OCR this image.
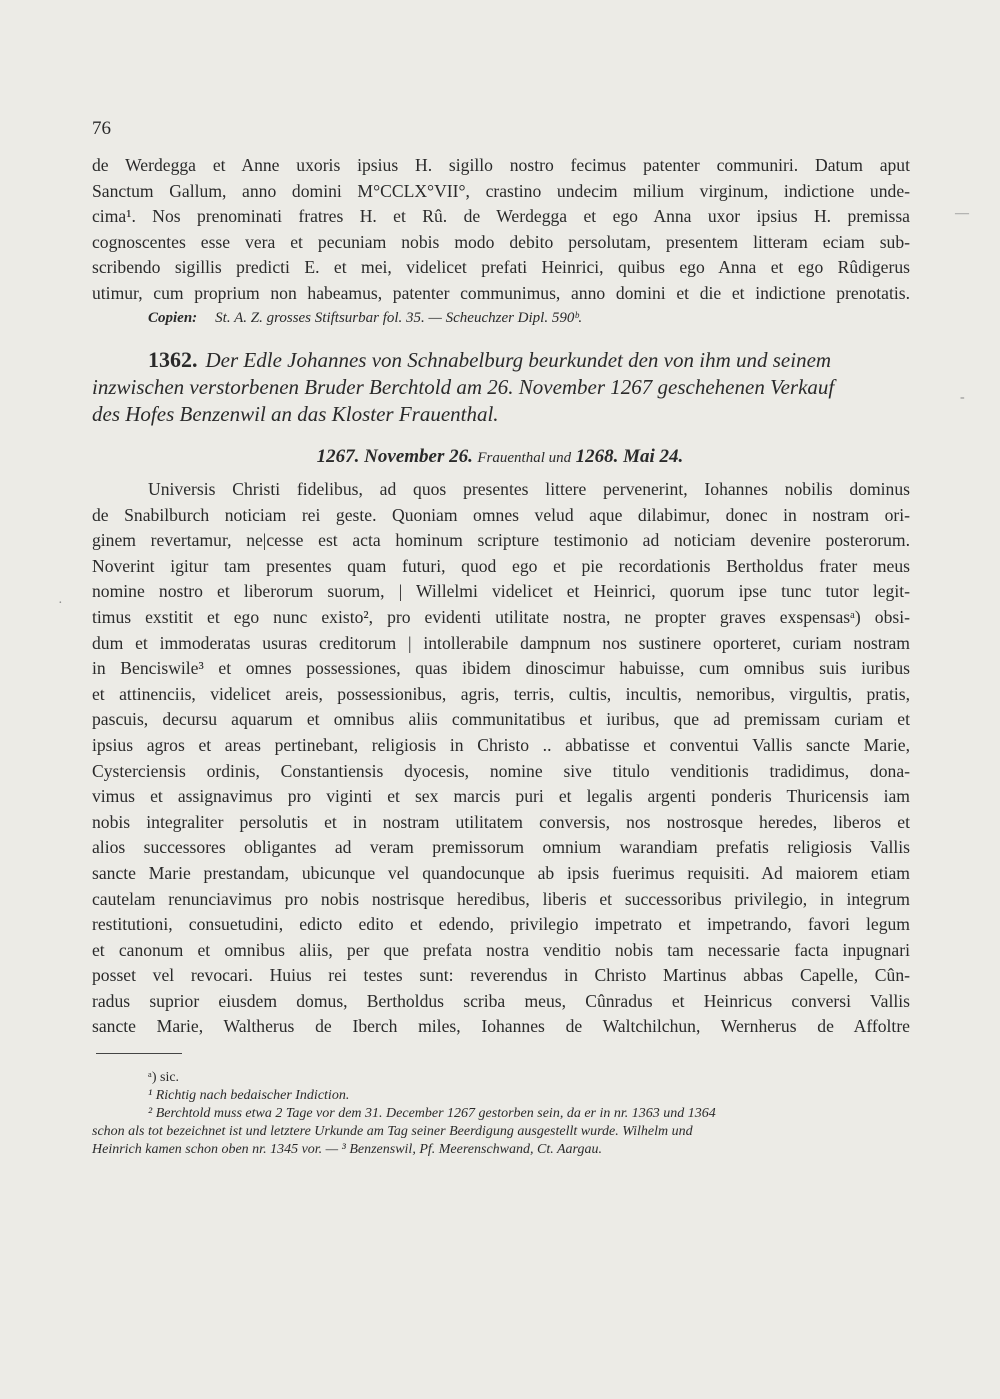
76
de Werdegga et Anne uxoris ipsius H. sigillo nostro fecimus patenter communiri. Datum aput
Sanctum Gallum, anno domini M°CCLX°VII°, crastino undecim milium virginum, indictione unde-
cima¹. Nos prenominati fratres H. et Rû. de Werdegga et ego Anna uxor ipsius H. premissa
cognoscentes esse vera et pecuniam nobis modo debito persolutam, presentem litteram eciam sub-
scribendo sigillis predicti E. et mei, videlicet prefati Heinrici, quibus ego Anna et ego Rûdigerus
utimur, cum proprium non habeamus, patenter communimus, anno domini et die et indictione prenotatis.
Copien: St. A. Z. grosses Stiftsurbar fol. 35. — Scheuchzer Dipl. 590ᵇ.
1362. Der Edle Johannes von Schnabelburg beurkundet den von ihm und seinem
inzwischen verstorbenen Bruder Berchtold am 26. November 1267 geschehenen Verkauf
des Hofes Benzenwil an das Kloster Frauenthal.
1267. November 26. Frauenthal und 1268. Mai 24.
Universis Christi fidelibus, ad quos presentes littere pervenerint, Iohannes nobilis dominus
de Snabilburch noticiam rei geste. Quoniam omnes velud aque dilabimur, donec in nostram ori-
ginem revertamur, ne|cesse est acta hominum scripture testimonio ad noticiam devenire posterorum.
Noverint igitur tam presentes quam futuri, quod ego et pie recordationis Bertholdus frater meus
nomine nostro et liberorum suorum, | Willelmi videlicet et Heinrici, quorum ipse tunc tutor legit-
timus exstitit et ego nunc existo², pro evidenti utilitate nostra, ne propter graves exspensasᵃ) obsi-
dum et immoderatas usuras creditorum | intollerabile dampnum nos sustinere oporteret, curiam nostram
in Benciswile³ et omnes possessiones, quas ibidem dinoscimur habuisse, cum omnibus suis iuribus
et attinenciis, videlicet areis, possessionibus, agris, terris, cultis, incultis, nemoribus, virgultis, pratis,
pascuis, decursu aquarum et omnibus aliis communitatibus et iuribus, que ad premissam curiam et
ipsius agros et areas pertinebant, religiosis in Christo .. abbatisse et conventui Vallis sancte Marie,
Cysterciensis ordinis, Constantiensis dyocesis, nomine sive titulo venditionis tradidimus, dona-
vimus et assignavimus pro viginti et sex marcis puri et legalis argenti ponderis Thuricensis iam
nobis integraliter persolutis et in nostram utilitatem conversis, nos nostrosque heredes, liberos et
alios successores obligantes ad veram premissorum omnium warandiam prefatis religiosis Vallis
sancte Marie prestandam, ubicunque vel quandocunque ab ipsis fuerimus requisiti. Ad maiorem etiam
cautelam renunciavimus pro nobis nostrisque heredibus, liberis et successoribus privilegio, in integrum
restitutioni, consuetudini, edicto edito et edendo, privilegio impetrato et impetrando, favori legum
et canonum et omnibus aliis, per que prefata nostra venditio nobis tam necessarie facta inpugnari
posset vel revocari. Huius rei testes sunt: reverendus in Christo Martinus abbas Capelle, Cûn-
radus suprior eiusdem domus, Bertholdus scriba meus, Cûnradus et Heinricus conversi Vallis
sancte Marie, Waltherus de Iberch miles, Iohannes de Waltchilchun, Wernherus de Affoltre
ᵃ) sic.
¹ Richtig nach bedaischer Indiction.
² Berchtold muss etwa 2 Tage vor dem 31. December 1267 gestorben sein, da er in nr. 1363 und 1364
schon als tot bezeichnet ist und letztere Urkunde am Tag seiner Beerdigung ausgestellt wurde. Wilhelm und
Heinrich kamen schon oben nr. 1345 vor. — ³ Benzenswil, Pf. Meerenschwand, Ct. Aargau.
—
-
·
